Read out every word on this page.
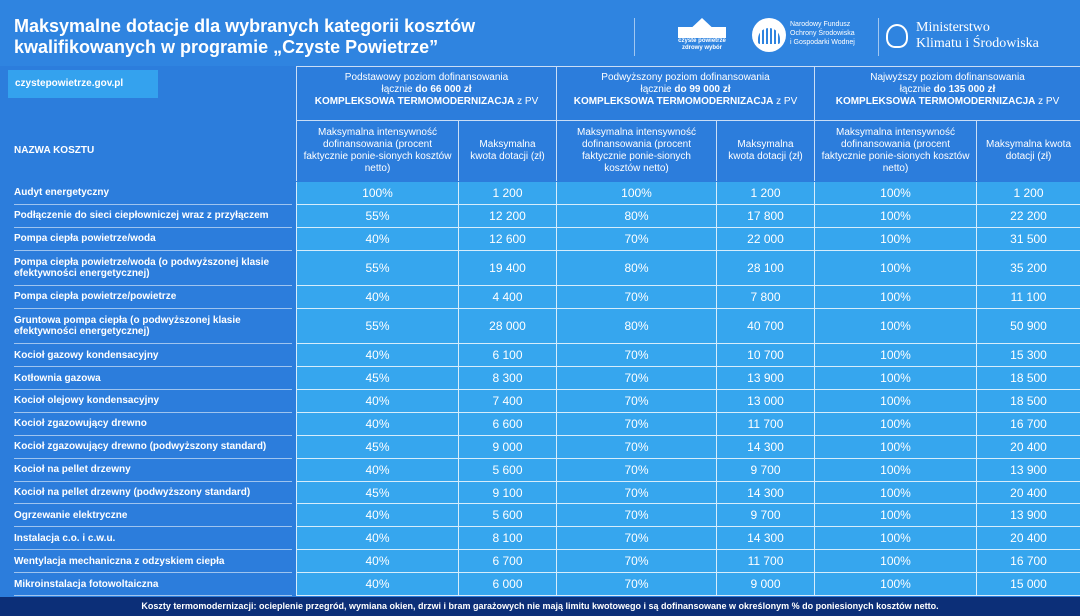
Maksymalne dotacje dla wybranych kategorii kosztów
kwalifikowanych w programie „Czyste Powietrze”	czyste powietrze
zdrowy wybór
Narodowy Fundusz
Ochrony Środowiska
i Gospodarki Wodnej
Ministerstwo
Klimatu i Środowiska
czystepowietrze.gov.pl
Podstawowy poziom dofinansowania
łącznie do 66 000 zł
KOMPLEKSOWA TERMOMODERNIZACJA z PV
Podwyższony poziom dofinansowania
łącznie do 99 000 zł
KOMPLEKSOWA TERMOMODERNIZACJA z PV
Najwyższy poziom dofinansowania
łącznie do 135 000 zł
KOMPLEKSOWA TERMOMODERNIZACJA z PV
NAZWA KOSZTU
Maksymalna intensywność dofinansowania (procent faktycznie ponie-sionych kosztów netto)
Maksymalna kwota dotacji (zł)
Maksymalna intensywność dofinansowania (procent faktycznie ponie-sionych kosztów netto)
Maksymalna kwota dotacji (zł)
Maksymalna intensywność dofinansowania (procent faktycznie ponie-sionych kosztów netto)
Maksymalna kwota dotacji (zł)
Audyt energetyczny	100%	1 200	100%	1 200	100%	1 200
Podłączenie do sieci ciepłowniczej wraz z przyłączem	55%	12 200	80%	17 800	100%	22 200
Pompa ciepła powietrze/woda	40%	12 600	70%	22 000	100%	31 500
Pompa ciepła powietrze/woda (o podwyższonej klasie efektywności energetycznej)	55%	19 400	80%	28 100	100%	35 200
Pompa ciepła powietrze/powietrze	40%	4 400	70%	7 800	100%	11 100
Gruntowa pompa ciepła (o podwyższonej klasie efektywności energetycznej)	55%	28 000	80%	40 700	100%	50 900
Kocioł gazowy kondensacyjny	40%	6 100	70%	10 700	100%	15 300
Kotłownia gazowa	45%	8 300	70%	13 900	100%	18 500
Kocioł olejowy kondensacyjny	40%	7 400	70%	13 000	100%	18 500
Kocioł zgazowujący drewno	40%	6 600	70%	11 700	100%	16 700
Kocioł zgazowujący drewno (podwyższony standard)	45%	9 000	70%	14 300	100%	20 400
Kocioł na pellet drzewny	40%	5 600	70%	9 700	100%	13 900
Kocioł na pellet drzewny (podwyższony standard)	45%	9 100	70%	14 300	100%	20 400
Ogrzewanie elektryczne	40%	5 600	70%	9 700	100%	13 900
Instalacja c.o. i c.w.u.	40%	8 100	70%	14 300	100%	20 400
Wentylacja mechaniczna z odzyskiem ciepła	40%	6 700	70%	11 700	100%	16 700
Mikroinstalacja fotowoltaiczna	40%	6 000	70%	9 000	100%	15 000
Koszty termomodernizacji: ocieplenie przegród, wymiana okien, drzwi i bram garażowych nie mają limitu kwotowego i są dofinansowane w określonym % do poniesionych kosztów netto.
